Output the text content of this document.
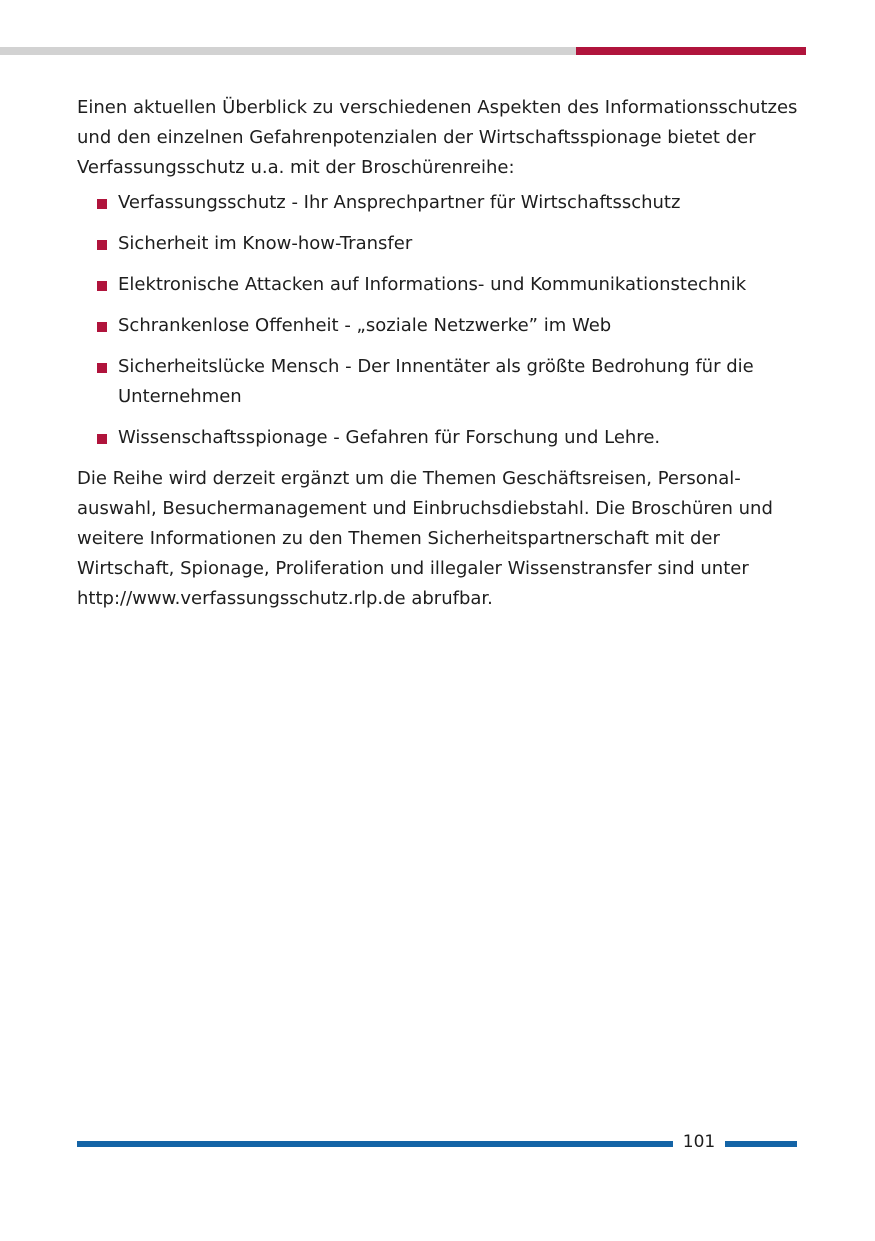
Einen aktuellen Überblick zu verschiedenen Aspekten des Informationsschutzes und den einzelnen Gefahrenpotenzialen der Wirtschaftsspionage bietet der Verfassungsschutz u.a. mit der Broschürenreihe:

Verfassungsschutz - Ihr Ansprechpartner für Wirtschaftsschutz
Sicherheit im Know-how-Transfer
Elektronische Attacken auf Informations- und Kommunikationstechnik
Schrankenlose Offenheit - „soziale Netzwerke” im Web
Sicherheitslücke Mensch - Der Innentäter als größte Bedrohung für die Unternehmen
Wissenschaftsspionage - Gefahren für Forschung und Lehre.

Die Reihe wird derzeit ergänzt um die Themen Geschäftsreisen, Personal-auswahl, Besuchermanagement und Einbruchsdiebstahl. Die Broschüren und weitere Informationen zu den Themen Sicherheitspartnerschaft mit der Wirtschaft, Spionage, Proliferation und illegaler Wissenstransfer sind unter http://www.verfassungsschutz.rlp.de abrufbar.

101
